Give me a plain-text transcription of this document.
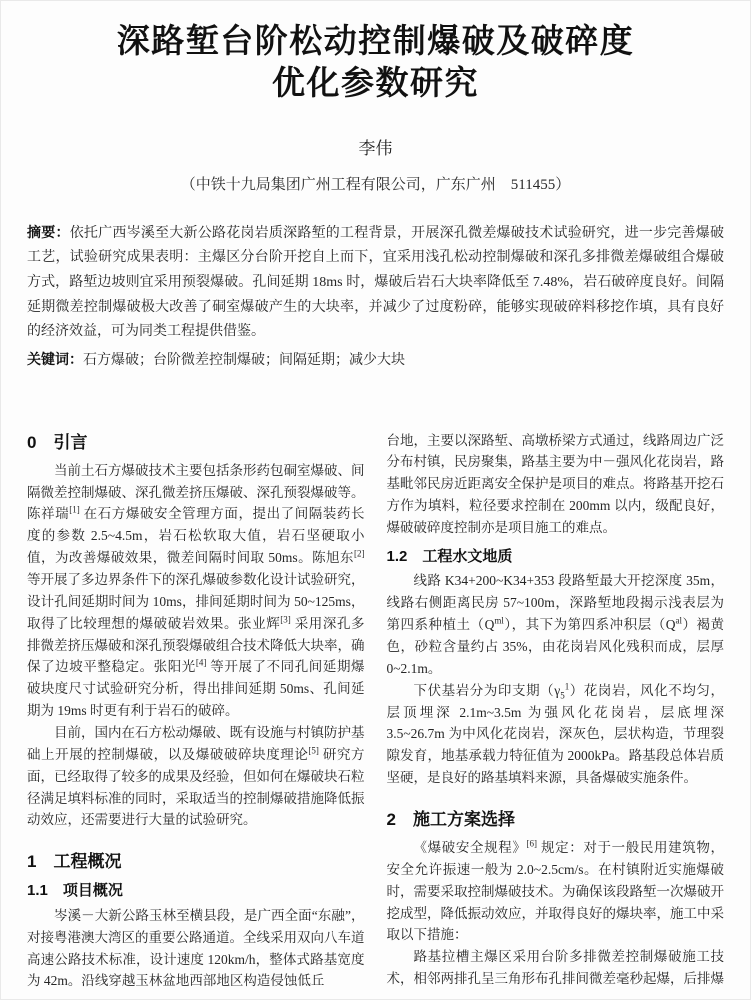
深路堑台阶松动控制爆破及破碎度
优化参数研究
李伟
（中铁十九局集团广州工程有限公司，广东广州　511455）
摘要：依托广西岑溪至大新公路花岗岩质深路堑的工程背景，开展深孔微差爆破技术试验研究，进一步完善爆破工艺，试验研究成果表明：主爆区分台阶开挖自上而下，宜采用浅孔松动控制爆破和深孔多排微差爆破组合爆破方式，路堑边坡则宜采用预裂爆破。孔间延期 18ms 时，爆破后岩石大块率降低至 7.48%，岩石破碎度良好。间隔延期微差控制爆破极大改善了硐室爆破产生的大块率，并减少了过度粉碎，能够实现破碎料移挖作填，具有良好的经济效益，可为同类工程提供借鉴。
关键词：石方爆破；台阶微差控制爆破；间隔延期；减少大块
0　引言

当前土石方爆破技术主要包括条形药包硐室爆破、间隔微差控制爆破、深孔微差挤压爆破、深孔预裂爆破等。陈祥瑞[1] 在石方爆破安全管理方面，提出了间隔装药长度的参数 2.5~4.5m，岩石松软取大值，岩石坚硬取小值，为改善爆破效果，微差间隔时间取 50ms。陈旭东[2] 等开展了多边界条件下的深孔爆破参数化设计试验研究，设计孔间延期时间为 10ms，排间延期时间为 50~125ms，取得了比较理想的爆破破岩效果。张业辉[3] 采用深孔多排微差挤压爆破和深孔预裂爆破组合技术降低大块率，确保了边坡平整稳定。张阳光[4] 等开展了不同孔间延期爆破块度尺寸试验研究分析，得出排间延期 50ms、孔间延期为 19ms 时更有利于岩石的破碎。

目前，国内在石方松动爆破、既有设施与村镇防护基础上开展的控制爆破，以及爆破破碎块度理论[5] 研究方面，已经取得了较多的成果及经验，但如何在爆破块石粒径满足填料标准的同时，采取适当的控制爆破措施降低振动效应，还需要进行大量的试验研究。

1　工程概况
1.1　项目概况

岑溪－大新公路玉林至横县段，是广西全面“东融”，对接粤港澳大湾区的重要公路通道。全线采用双向八车道高速公路技术标准，设计速度 120km/h，整体式路基宽度为 42m。沿线穿越玉林盆地西部地区构造侵蚀低丘

台地，主要以深路堑、高墩桥梁方式通过，线路周边广泛分布村镇，民房聚集，路基主要为中－强风化花岗岩，路基毗邻民房近距离安全保护是项目的难点。将路基开挖石方作为填料，粒径要求控制在 200mm 以内，级配良好，爆破破碎度控制亦是项目施工的难点。

1.2　工程水文地质

线路 K34+200~K34+353 段路堑最大开挖深度 35m，线路右侧距离民房 57~100m，深路堑地段揭示浅表层为第四系种植土$(Q^{ml})$，其下为第四系冲积层$(Q^{al})$褐黄色，砂粒含量约占 35%，由花岗岩风化残积而成，层厚 0~2.1m。

下伏基岩分为印支期$(\gamma_5^1)$花岗岩，风化不均匀，层顶埋深 2.1m~3.5m 为强风化花岗岩，层底埋深 3.5~26.7m 为中风化花岗岩，深灰色，层状构造，节理裂隙发育，地基承载力特征值为 2000kPa。路基段总体岩质坚硬，是良好的路基填料来源，具备爆破实施条件。

2　施工方案选择

《爆破安全规程》[6] 规定：对于一般民用建筑物，安全允许振速一般为 2.0~2.5cm/s。在村镇附近实施爆破时，需要采取控制爆破技术。为确保该段路堑一次爆破开挖成型，降低振动效应，并取得良好的爆块率，施工中采取以下措施：

路基拉槽主爆区采用台阶多排微差控制爆破施工技术，相邻两排孔呈三角形布孔排间微差毫秒起爆，后排爆
